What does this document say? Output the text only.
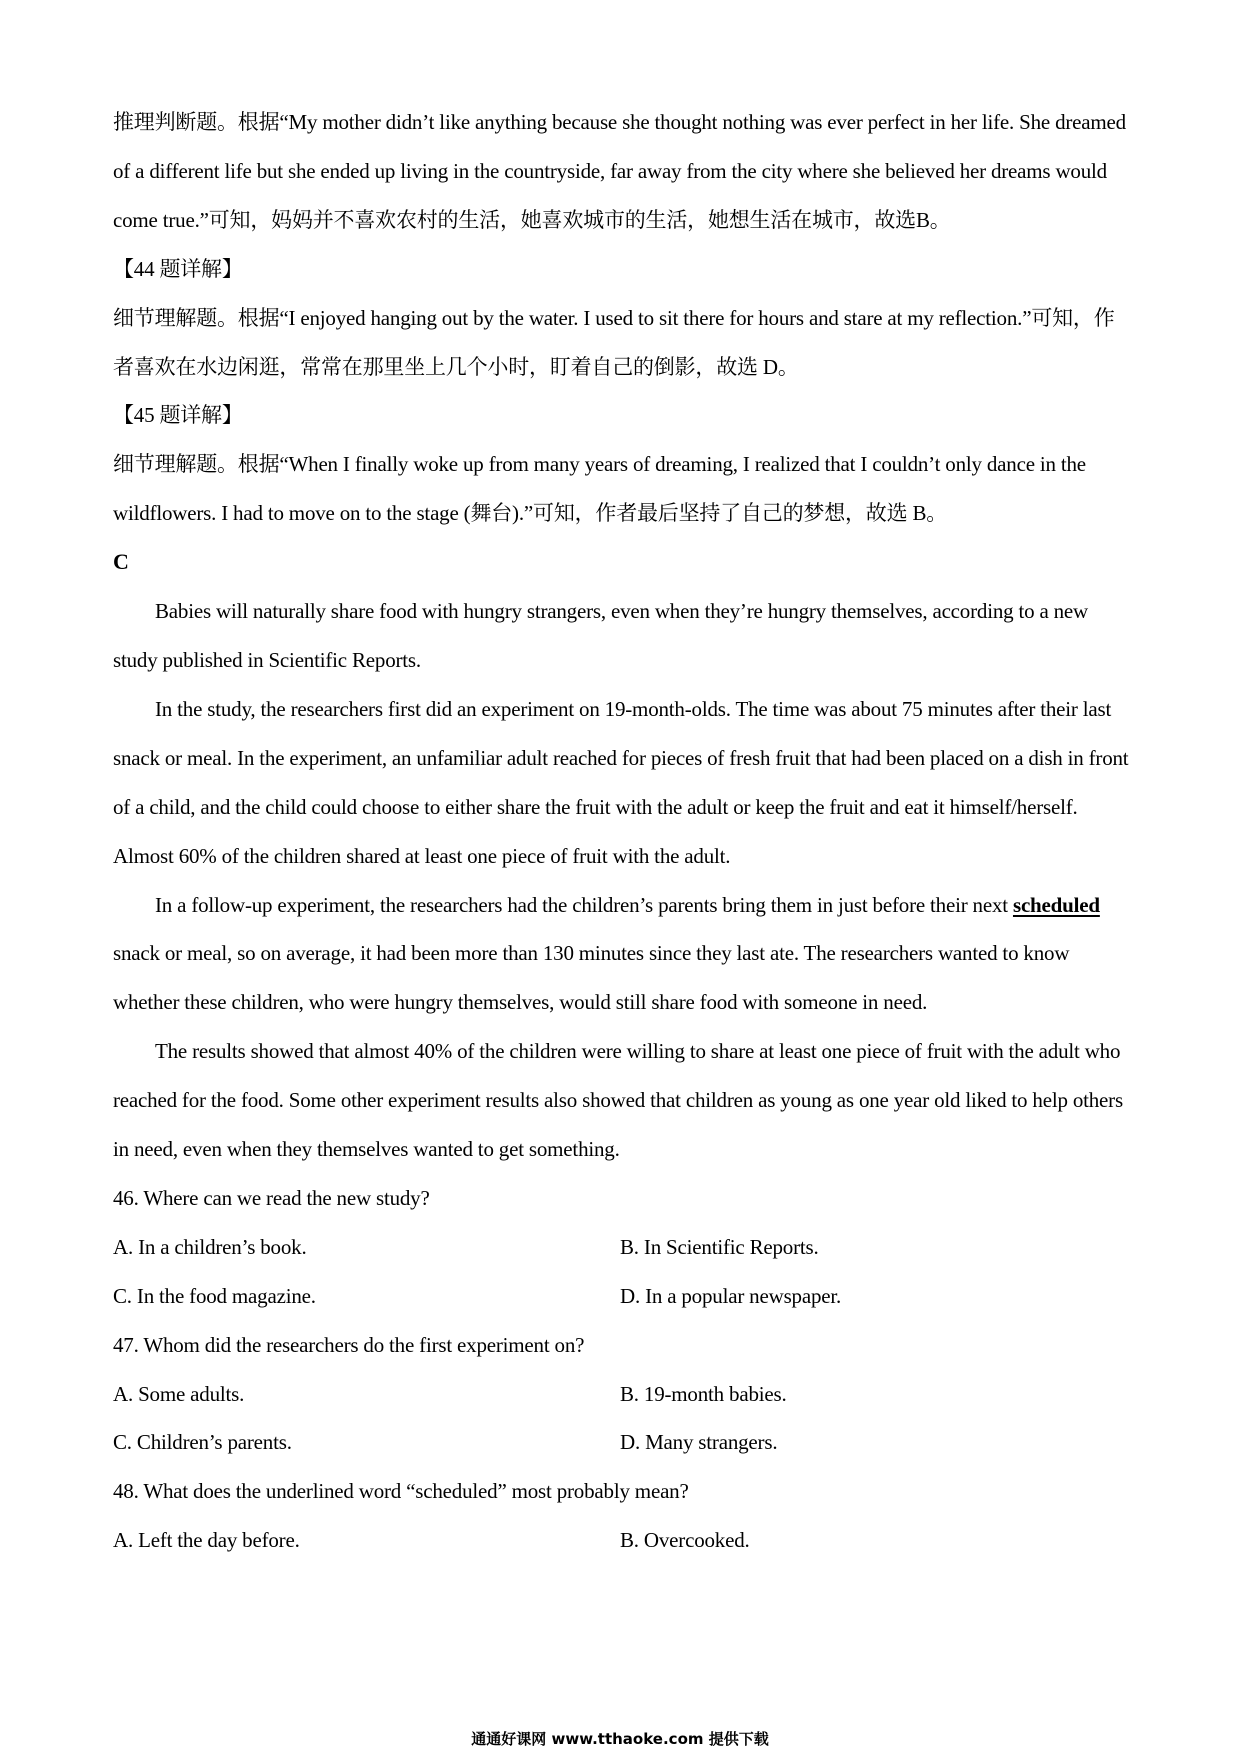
推理判断题。根据“My mother didn’t like anything because she thought nothing was ever perfect in her life. She dreamed of a different life but she ended up living in the countryside, far away from the city where she believed her dreams would come true.”可知，妈妈并不喜欢农村的生活，她喜欢城市的生活，她想生活在城市，故选B。

【44 题详解】

细节理解题。根据“I enjoyed hanging out by the water. I used to sit there for hours and stare at my reflection.”可知，作者喜欢在水边闲逛，常常在那里坐上几个小时，盯着自己的倒影，故选 D。

【45 题详解】

细节理解题。根据“When I finally woke up from many years of dreaming, I realized that I couldn’t only dance in the wildflowers. I had to move on to the stage (舞台).”可知，作者最后坚持了自己的梦想，故选 B。

C

Babies will naturally share food with hungry strangers, even when they’re hungry themselves, according to a new study published in Scientific Reports.

In the study, the researchers first did an experiment on 19-month-olds. The time was about 75 minutes after their last snack or meal. In the experiment, an unfamiliar adult reached for pieces of fresh fruit that had been placed on a dish in front of a child, and the child could choose to either share the fruit with the adult or keep the fruit and eat it himself/herself. Almost 60% of the children shared at least one piece of fruit with the adult.

In a follow-up experiment, the researchers had the children’s parents bring them in just before their next scheduled snack or meal, so on average, it had been more than 130 minutes since they last ate. The researchers wanted to know whether these children, who were hungry themselves, would still share food with someone in need.

The results showed that almost 40% of the children were willing to share at least one piece of fruit with the adult who reached for the food. Some other experiment results also showed that children as young as one year old liked to help others in need, even when they themselves wanted to get something.

46. Where can we read the new study?

A. In a children’s book.	B. In Scientific Reports.
C. In the food magazine.	D. In a popular newspaper.

47. Whom did the researchers do the first experiment on?

A. Some adults.	B. 19-month babies.
C. Children’s parents.	D. Many strangers.

48. What does the underlined word “scheduled” most probably mean?

A. Left the day before.	B. Overcooked.
通通好课网 www.tthaoke.com 提供下载
